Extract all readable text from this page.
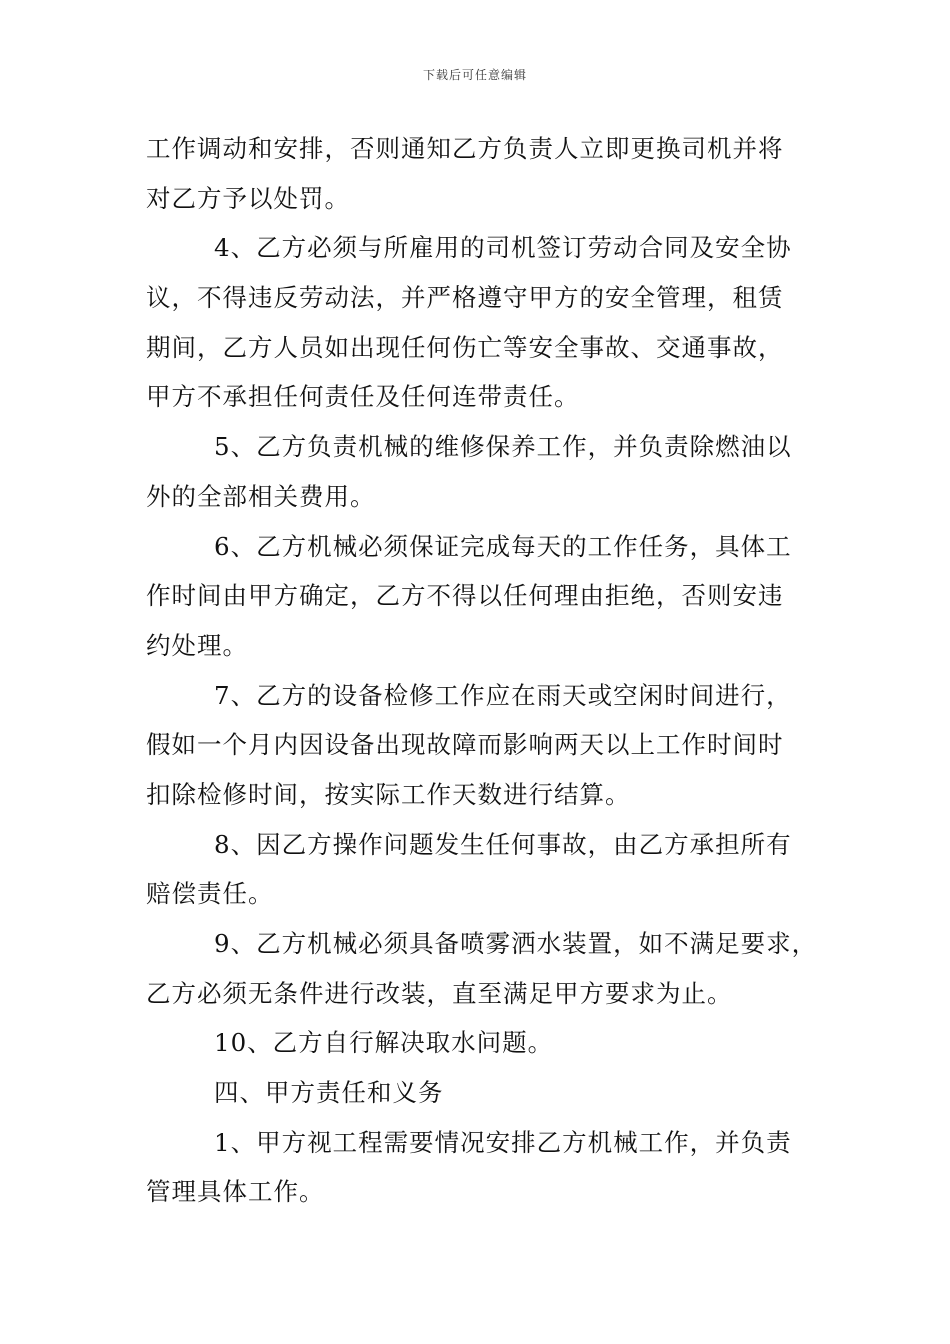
下载后可任意编辑
工作调动和安排，否则通知乙方负责人立即更换司机并将
对乙方予以处罚。
4、乙方必须与所雇用的司机签订劳动合同及安全协
议，不得违反劳动法，并严格遵守甲方的安全管理，租赁
期间，乙方人员如出现任何伤亡等安全事故、交通事故，
甲方不承担任何责任及任何连带责任。
5、乙方负责机械的维修保养工作，并负责除燃油以
外的全部相关费用。
6、乙方机械必须保证完成每天的工作任务，具体工
作时间由甲方确定，乙方不得以任何理由拒绝，否则安违
约处理。
7、乙方的设备检修工作应在雨天或空闲时间进行，
假如一个月内因设备出现故障而影响两天以上工作时间时
扣除检修时间，按实际工作天数进行结算。
8、因乙方操作问题发生任何事故，由乙方承担所有
赔偿责任。
9、乙方机械必须具备喷雾洒水装置，如不满足要求，
乙方必须无条件进行改装，直至满足甲方要求为止。
10、乙方自行解决取水问题。
四、甲方责任和义务
1、甲方视工程需要情况安排乙方机械工作，并负责
管理具体工作。
